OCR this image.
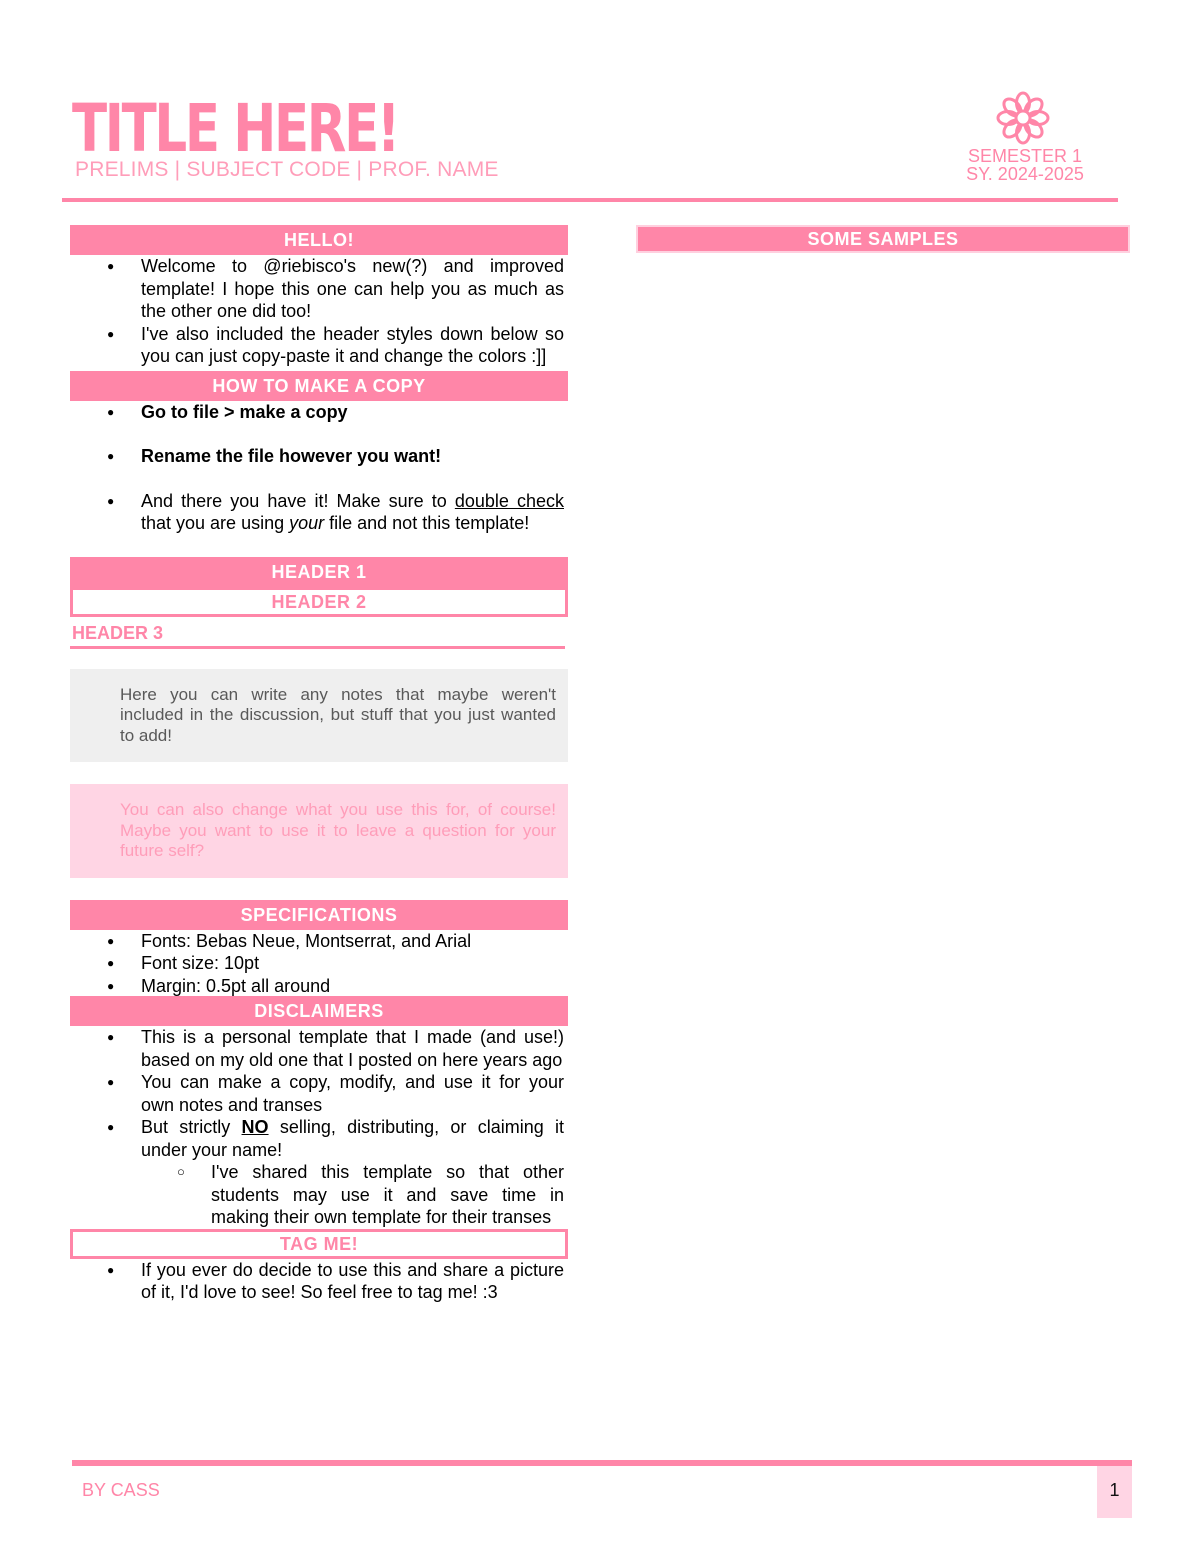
TITLE HERE!
PRELIMS | SUBJECT CODE | PROF. NAME
SEMESTER 1
SY. 2024-2025
HELLO!
● Welcome to @riebisco's new(?) and improved template! I hope this one can help you as much as the other one did too!
● I've also included the header styles down below so you can just copy-paste it and change the colors :]]
HOW TO MAKE A COPY
● Go to file > make a copy
● Rename the file however you want!
● And there you have it! Make sure to double check that you are using your file and not this template!
HEADER 1
HEADER 2
HEADER 3
Here you can write any notes that maybe weren't included in the discussion, but stuff that you just wanted to add!
You can also change what you use this for, of course! Maybe you want to use it to leave a question for your future self?
SPECIFICATIONS
● Fonts: Bebas Neue, Montserrat, and Arial
● Font size: 10pt
● Margin: 0.5pt all around
DISCLAIMERS
● This is a personal template that I made (and use!) based on my old one that I posted on here years ago
● You can make a copy, modify, and use it for your own notes and transes
● But strictly NO selling, distributing, or claiming it under your name!
○ I've shared this template so that other students may use it and save time in making their own template for their transes
TAG ME!
● If you ever do decide to use this and share a picture of it, I'd love to see! So feel free to tag me! :3
SOME SAMPLES
BY CASS	1
